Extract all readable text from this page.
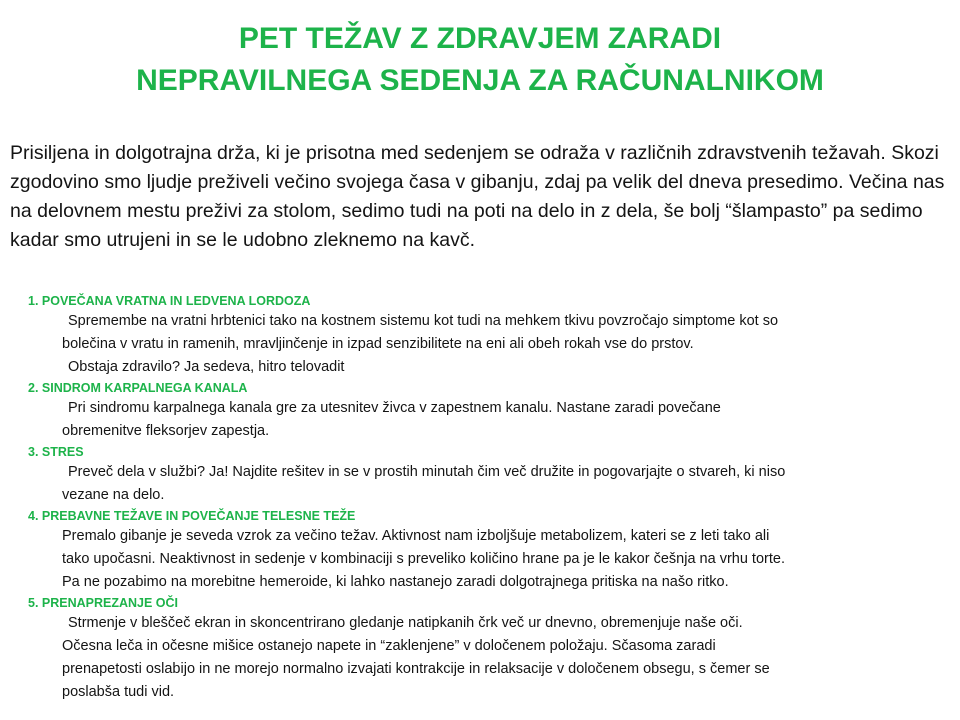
PET TEŽAV Z ZDRAVJEM ZARADI
NEPRAVILNEGA SEDENJA ZA RAČUNALNIKOM

Prisiljena in dolgotrajna drža, ki je prisotna med sedenjem se odraža v različnih zdravstvenih težavah. Skozi zgodovino smo ljudje preživeli večino svojega časa v gibanju, zdaj pa velik del dneva presedimo. Večina nas na delovnem mestu preživi za stolom, sedimo tudi na poti na delo in z dela, še bolj “šlampasto” pa sedimo kadar smo utrujeni in se le udobno zleknemo na kavč.

1. POVEČANA VRATNA IN LEDVENA LORDOZA
Spremembe na vratni hrbtenici tako na kostnem sistemu kot tudi na mehkem tkivu povzročajo simptome kot so
bolečina v vratu in ramenih, mravljinčenje in izpad senzibilitete na eni ali obeh rokah vse do prstov.
Obstaja zdravilo? Ja sedeva, hitro telovadit
2. SINDROM KARPALNEGA KANALA
Pri sindromu karpalnega kanala gre za utesnitev živca v zapestnem kanalu. Nastane zaradi povečane
obremenitve fleksorjev zapestja.
3. STRES
Preveč dela v službi? Ja! Najdite rešitev in se v prostih minutah čim več družite in pogovarjajte o stvareh, ki niso
vezane na delo.
4. PREBAVNE TEŽAVE IN POVEČANJE TELESNE TEŽE
Premalo gibanje je seveda vzrok za večino težav. Aktivnost nam izboljšuje metabolizem, kateri se z leti tako ali
tako upočasni. Neaktivnost in sedenje v kombinaciji s preveliko količino hrane pa je le kakor češnja na vrhu torte.
Pa ne pozabimo na morebitne hemeroide, ki lahko nastanejo zaradi dolgotrajnega pritiska na našo ritko.
5. PRENAPREZANJE OČI
Strmenje v bleščeč ekran in skoncentrirano gledanje natipkanih črk več ur dnevno, obremenjuje naše oči.
Očesna leča in očesne mišice ostanejo napete in “zaklenjene” v določenem položaju. Sčasoma zaradi
prenapetosti oslabijo in ne morejo normalno izvajati kontrakcije in relaksacije v določenem obsegu, s čemer se
poslabša tudi vid.
